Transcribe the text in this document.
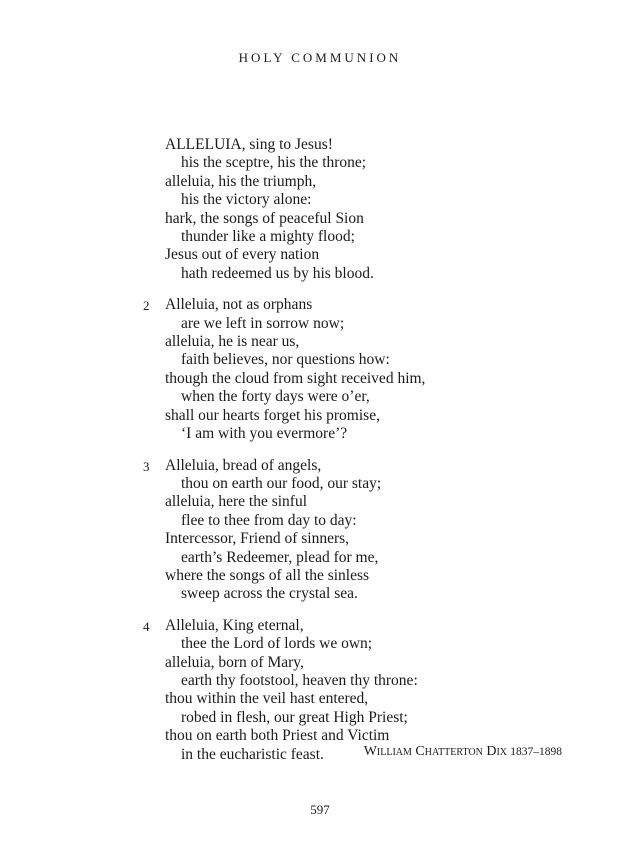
HOLY COMMUNION
ALLELUIA, sing to Jesus!
his the sceptre, his the throne;
alleluia, his the triumph,
his the victory alone:
hark, the songs of peaceful Sion
thunder like a mighty flood;
Jesus out of every nation
hath redeemed us by his blood.
2 Alleluia, not as orphans
are we left in sorrow now;
alleluia, he is near us,
faith believes, nor questions how:
though the cloud from sight received him,
when the forty days were o’er,
shall our hearts forget his promise,
‘I am with you evermore’?
3 Alleluia, bread of angels,
thou on earth our food, our stay;
alleluia, here the sinful
flee to thee from day to day:
Intercessor, Friend of sinners,
earth’s Redeemer, plead for me,
where the songs of all the sinless
sweep across the crystal sea.
4 Alleluia, King eternal,
thee the Lord of lords we own;
alleluia, born of Mary,
earth thy footstool, heaven thy throne:
thou within the veil hast entered,
robed in flesh, our great High Priest;
thou on earth both Priest and Victim
in the eucharistic feast.	William Chatterton Dix 1837–1898
597
